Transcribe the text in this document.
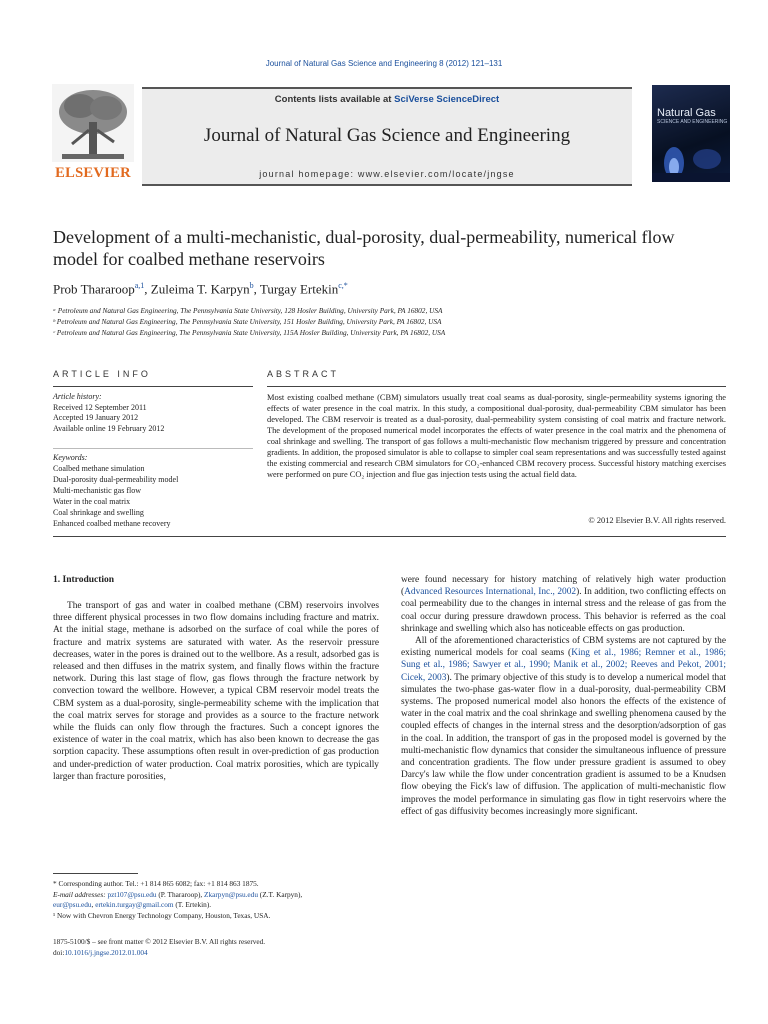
Journal of Natural Gas Science and Engineering 8 (2012) 121–131
ELSEVIER
Contents lists available at SciVerse ScienceDirect
Journal of Natural Gas Science and Engineering
journal homepage: www.elsevier.com/locate/jngse
Natural Gas
SCIENCE AND ENGINEERING
Development of a multi-mechanistic, dual-porosity, dual-permeability, numerical flow model for coalbed methane reservoirs
Prob Thararoop$^{a,1}$, Zuleima T. Karpyn$^b$, Turgay Ertekin$^{c,*}$
ᵃ Petroleum and Natural Gas Engineering, The Pennsylvania State University, 128 Hosler Building, University Park, PA 16802, USA
ᵇ Petroleum and Natural Gas Engineering, The Pennsylvania State University, 151 Hosler Building, University Park, PA 16802, USA
ᶜ Petroleum and Natural Gas Engineering, The Pennsylvania State University, 115A Hosler Building, University Park, PA 16802, USA
ARTICLE INFO	ABSTRACT
Article history:
Received 12 September 2011
Accepted 19 January 2012
Available online 19 February 2012
Keywords:
Coalbed methane simulation
Dual-porosity dual-permeability model
Multi-mechanistic gas flow
Water in the coal matrix
Coal shrinkage and swelling
Enhanced coalbed methane recovery
Most existing coalbed methane (CBM) simulators usually treat coal seams as dual-porosity, single-permeability systems ignoring the effects of water presence in the coal matrix. In this study, a compositional dual-porosity, dual-permeability CBM simulator has been developed. The CBM reservoir is treated as a dual-porosity, dual-permeability system consisting of coal matrix and fracture network. The development of the proposed numerical model incorporates the effects of water presence in the coal matrix and the phenomena of coal shrinkage and swelling. The transport of gas follows a multi-mechanistic flow mechanism triggered by pressure and concentration gradients. In addition, the proposed simulator is able to collapse to simpler coal seam representations and was successfully tested against the existing commercial and research CBM simulators for CO₂-enhanced CBM recovery process. Successful history matching exercises were performed on pure CO₂ injection and flue gas injection tests using the actual field data.
© 2012 Elsevier B.V. All rights reserved.
1. Introduction

The transport of gas and water in coalbed methane (CBM) reservoirs involves three different physical processes in two flow domains including fracture and matrix. At the initial stage, methane is adsorbed on the surface of coal while the pores of fracture and matrix systems are saturated with water. As the reservoir pressure decreases, water in the pores is drained out to the wellbore. As a result, adsorbed gas is released and then diffuses in the matrix system, and finally flows within the fracture network. During this last stage of flow, gas flows through the fracture network by convection toward the wellbore. However, a typical CBM reservoir model treats the CBM system as a dual-porosity, single-permeability scheme with the implication that the coal matrix serves for storage and provides as a source to the fracture network while the fluids can only flow through the fractures. Such a concept ignores the existence of water in the coal matrix, which has also been known to decrease the gas sorption capacity. These assumptions often result in over-prediction of gas production and under-prediction of water production. Coal matrix porosities, which are typically larger than fracture porosities,

were found necessary for history matching of relatively high water production (Advanced Resources International, Inc., 2002). In addition, two conflicting effects on coal permeability due to the changes in internal stress and the release of gas from the coal occur during pressure drawdown process. This behavior is referred as the coal shrinkage and swelling which also has noticeable effects on gas production.

All of the aforementioned characteristics of CBM systems are not captured by the existing numerical models for coal seams (King et al., 1986; Remner et al., 1986; Sung et al., 1986; Sawyer et al., 1990; Manik et al., 2002; Reeves and Pekot, 2001; Cicek, 2003). The primary objective of this study is to develop a numerical model that simulates the two-phase gas-water flow in a dual-porosity, dual-permeability CBM systems. The proposed numerical model also honors the effects of the existence of water in the coal matrix and the coal shrinkage and swelling phenomena caused by the coupled effects of changes in the internal stress and the desorption/adsorption of gas in the coal. In addition, the transport of gas in the proposed model is governed by the multi-mechanistic flow dynamics that consider the simultaneous influence of pressure and concentration gradients. The flow under pressure gradient is assumed to obey Darcy's law while the flow under concentration gradient is assumed to be a Knudsen flow obeying the Fick's law of diffusion. The application of multi-mechanistic flow improves the model performance in simulating gas flow in tight reservoirs where the effect of gas diffusivity becomes increasingly more significant.

* Corresponding author. Tel.: +1 814 865 6082; fax: +1 814 863 1875.
E-mail addresses: pzt107@psu.edu (P. Thararoop), Zkarpyn@psu.edu (Z.T. Karpyn),
eur@psu.edu, ertekin.turgay@gmail.com (T. Ertekin).
¹ Now with Chevron Energy Technology Company, Houston, Texas, USA.
1875-5100/$ – see front matter © 2012 Elsevier B.V. All rights reserved.
doi:10.1016/j.jngse.2012.01.004
